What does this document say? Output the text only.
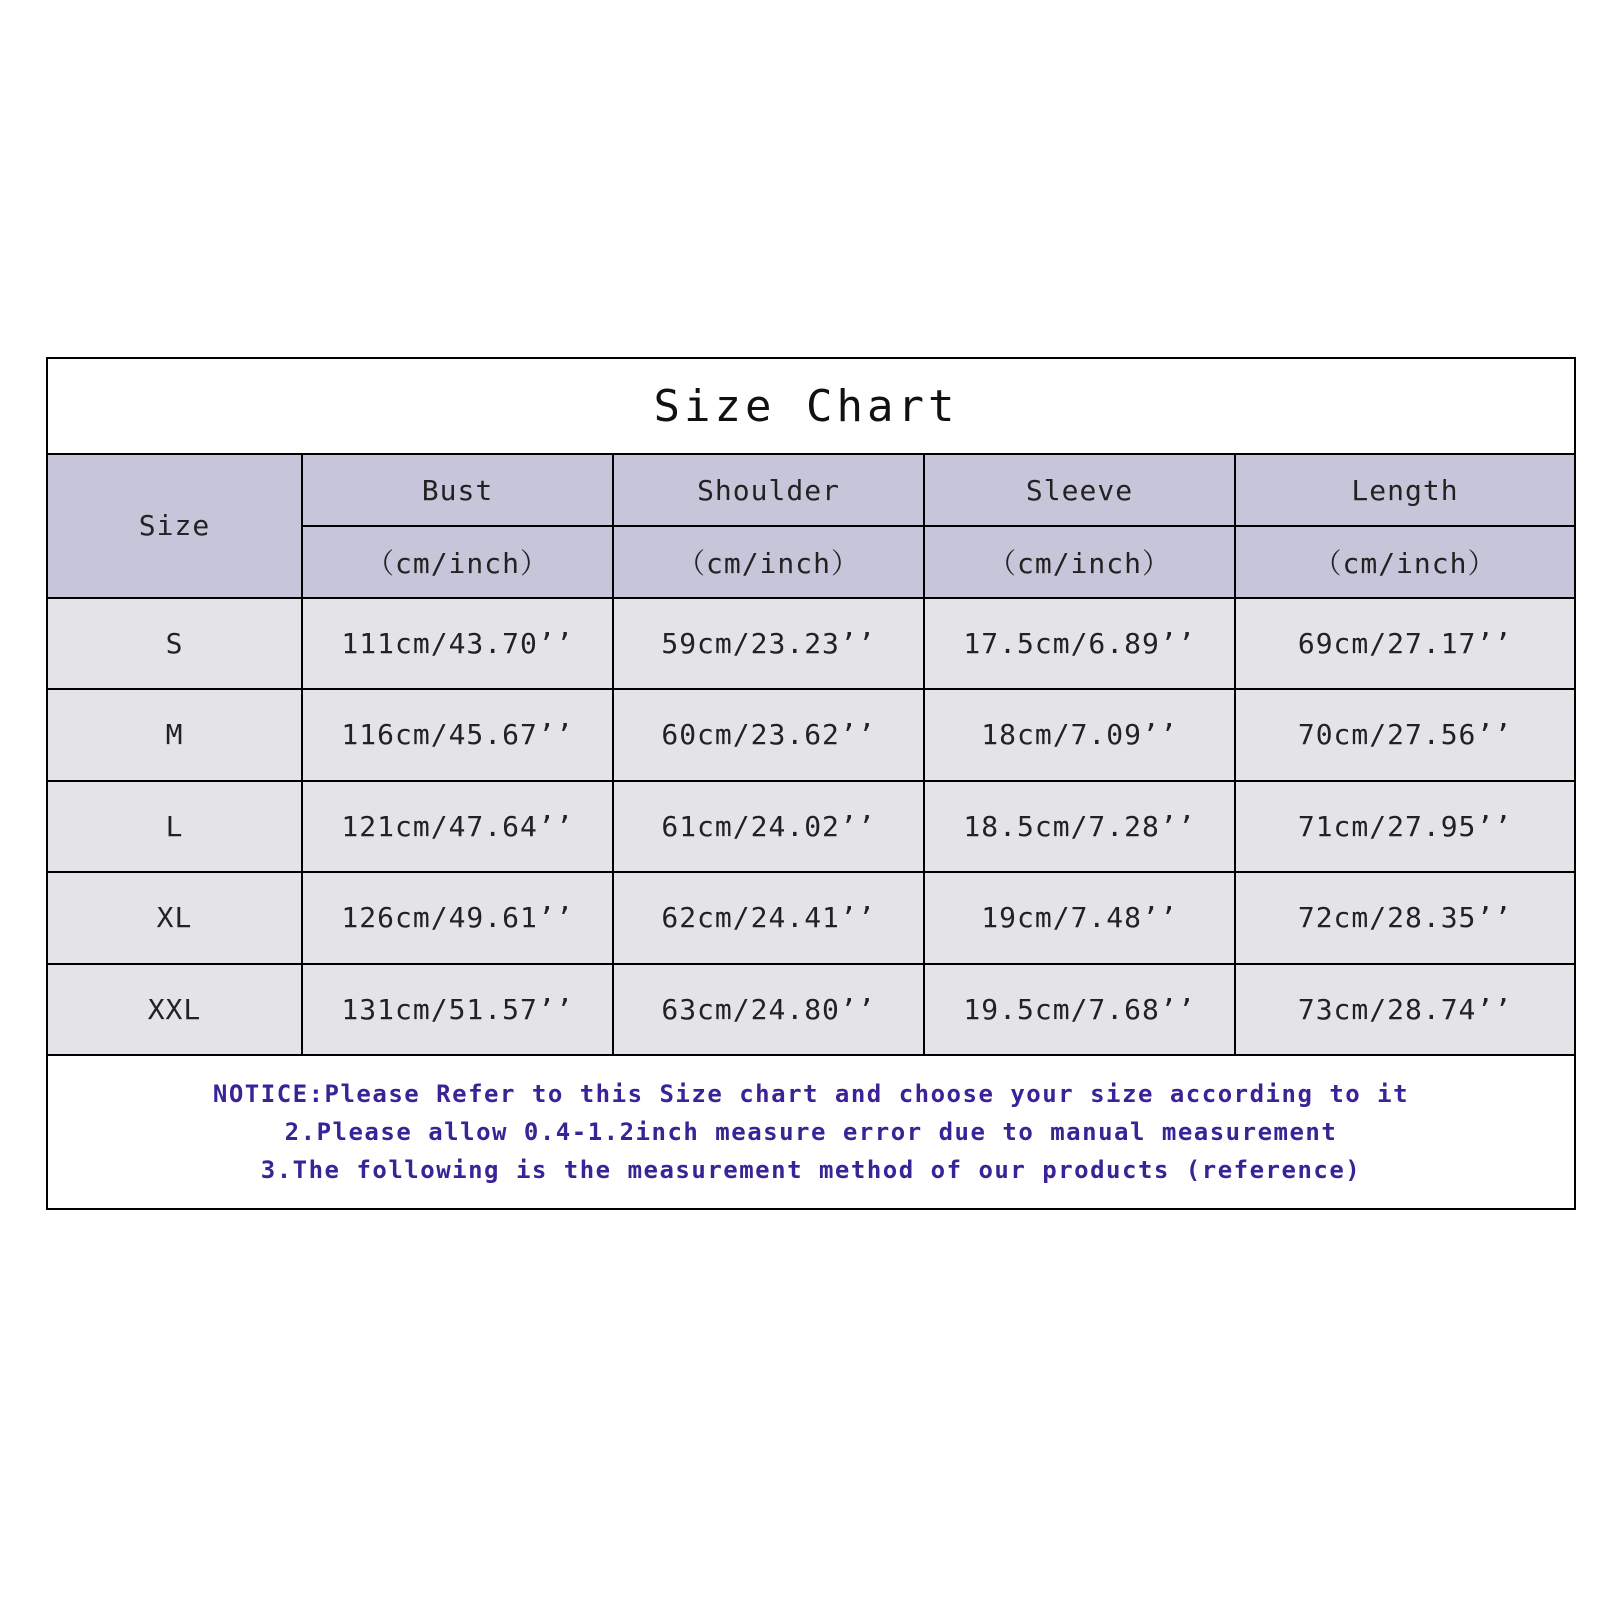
Size Chart
Size	Bust	Shoulder	Sleeve	Length
	（cm/inch）	（cm/inch）	（cm/inch）	（cm/inch）
S	111cm/43.70’’	59cm/23.23’’	17.5cm/6.89’’	69cm/27.17’’
M	116cm/45.67’’	60cm/23.62’’	18cm/7.09’’	70cm/27.56’’
L	121cm/47.64’’	61cm/24.02’’	18.5cm/7.28’’	71cm/27.95’’
XL	126cm/49.61’’	62cm/24.41’’	19cm/7.48’’	72cm/28.35’’
XXL	131cm/51.57’’	63cm/24.80’’	19.5cm/7.68’’	73cm/28.74’’
NOTICE:Please Refer to this Size chart and choose your size according to it
2.Please allow 0.4-1.2inch measure error due to manual measurement
3.The following is the measurement method of our products (reference)
